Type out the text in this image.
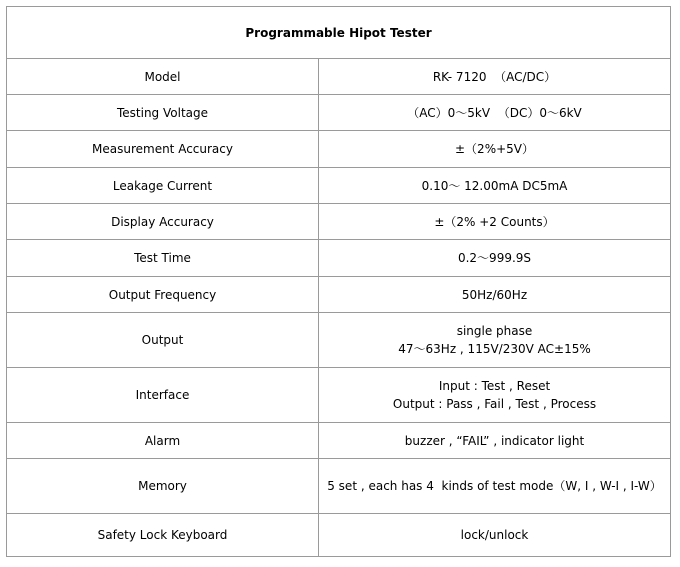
Programmable Hipot Tester	
Model	RK- 7120  （AC/DC）

Testing Voltage	（AC）0～5kV  （DC）0～6kV

Measurement Accuracy	±（2%+5V）

Leakage Current	0.10～ 12.00mA DC5mA

Display Accuracy	±（2% +2 Counts）

Test Time	0.2～999.9S

Output Frequency	50Hz/60Hz

Output	single phase
47～63Hz , 115V/230V AC±15%

Interface	Input : Test , Reset
Output : Pass , Fail , Test , Process

Alarm	buzzer , “FAIL” , indicator light

Memory	5 set , each has 4  kinds of test mode（W, I , W-I , I-W）

Safety Lock Keyboard	lock/unlock
